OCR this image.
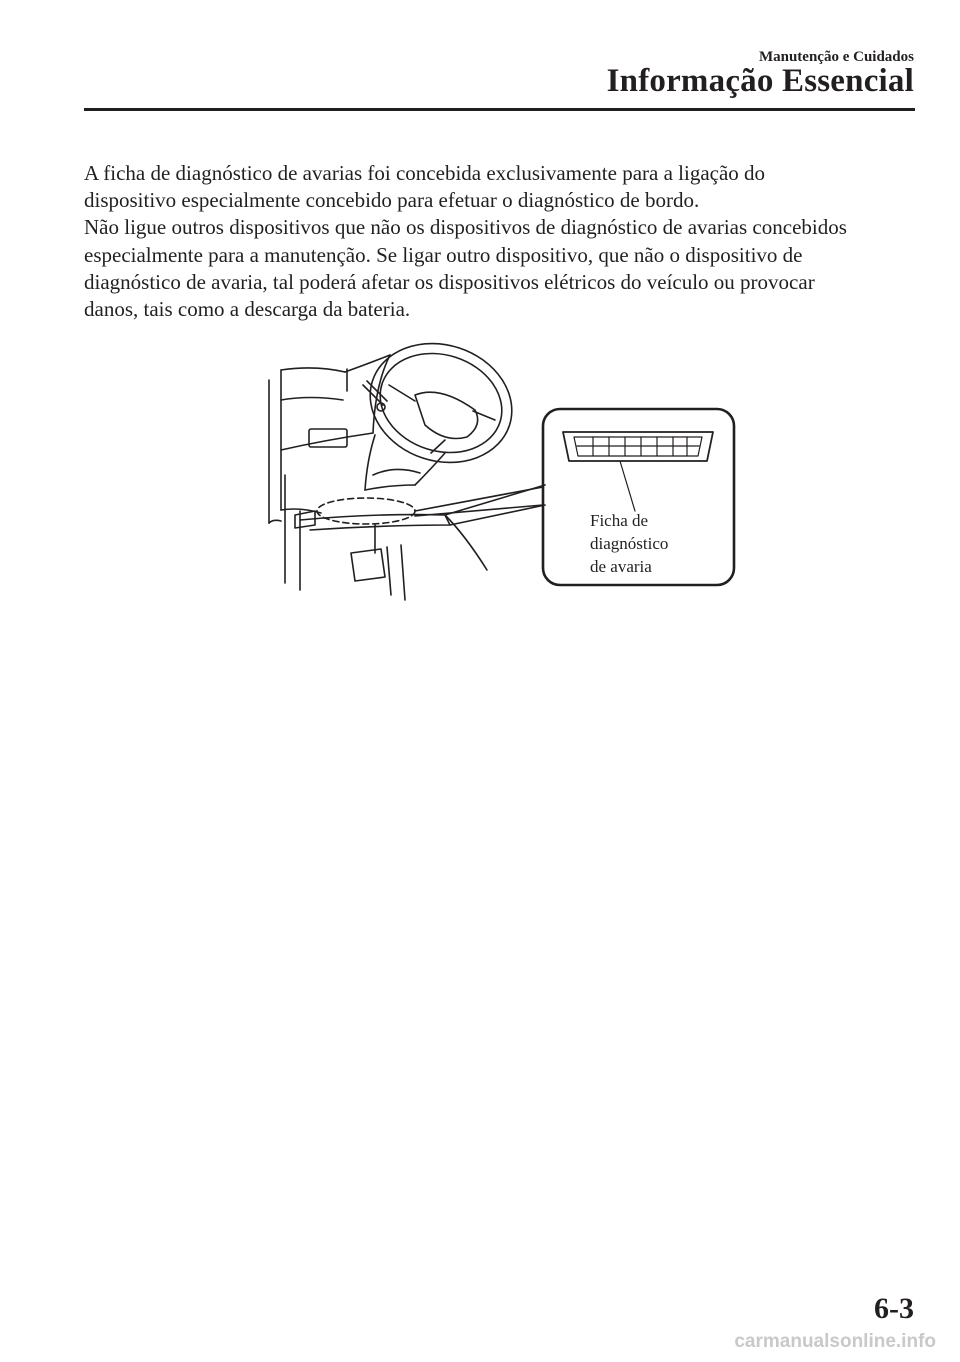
Manutenção e Cuidados
Informação Essencial

A ficha de diagnóstico de avarias foi concebida exclusivamente para a ligação do
dispositivo especialmente concebido para efetuar o diagnóstico de bordo.

Não ligue outros dispositivos que não os dispositivos de diagnóstico de avarias concebidos
especialmente para a manutenção. Se ligar outro dispositivo, que não o dispositivo de
diagnóstico de avaria, tal poderá afetar os dispositivos elétricos do veículo ou provocar
danos, tais como a descarga da bateria.

Ficha de
diagnóstico
de avaria
6-3
carmanualsonline.info
